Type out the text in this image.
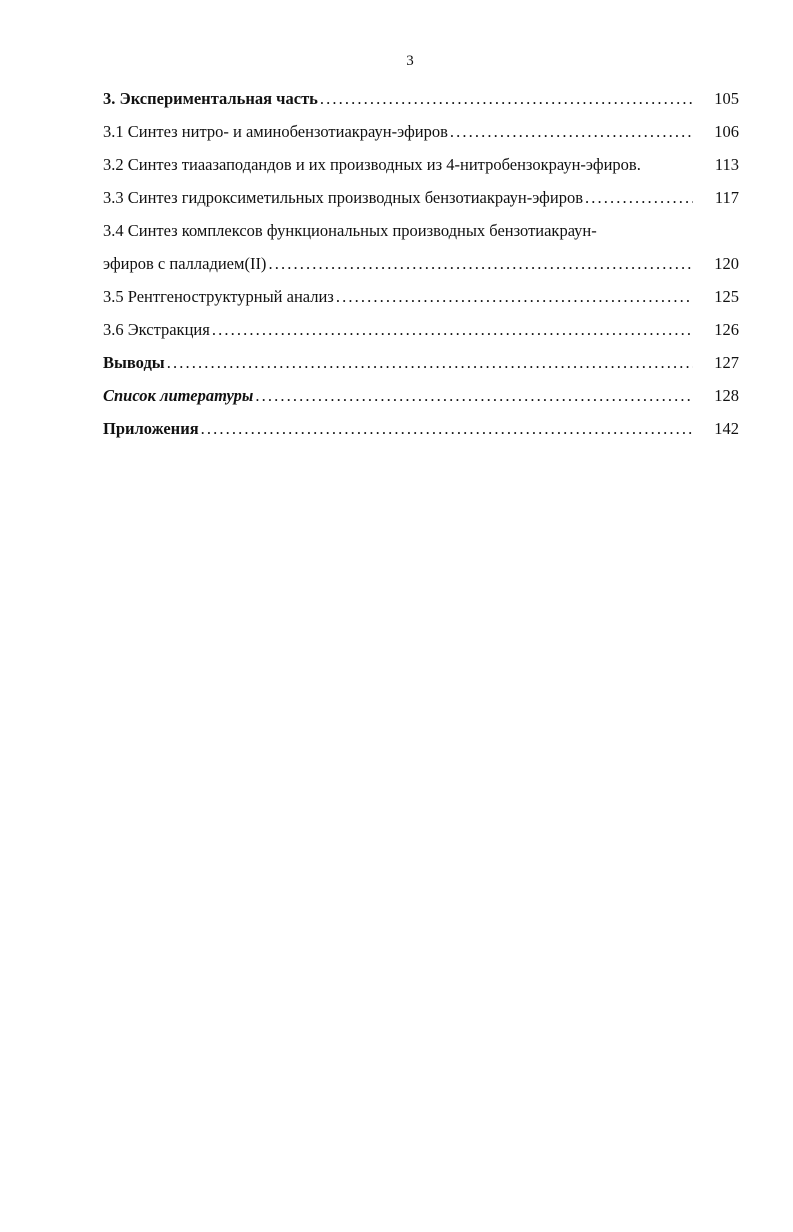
3
3. Экспериментальная часть . . .	105
3.1 Синтез нитро- и аминобензотиакраун-эфиров . . .	106
3.2 Синтез тиаазаподандов и их производных из 4-нитробензокраун-эфиров.	113
3.3 Синтез гидроксиметильных производных бензотиакраун-эфиров . . .	117
3.4 Синтез комплексов функциональных производных бензотиакраун-
эфиров с палладием(II) . . .	120
3.5 Рентгеноструктурный анализ . . .	125
3.6 Экстракция . . .	126
Выводы . . .	127
Список литературы . . .	128
Приложения . . .	142
